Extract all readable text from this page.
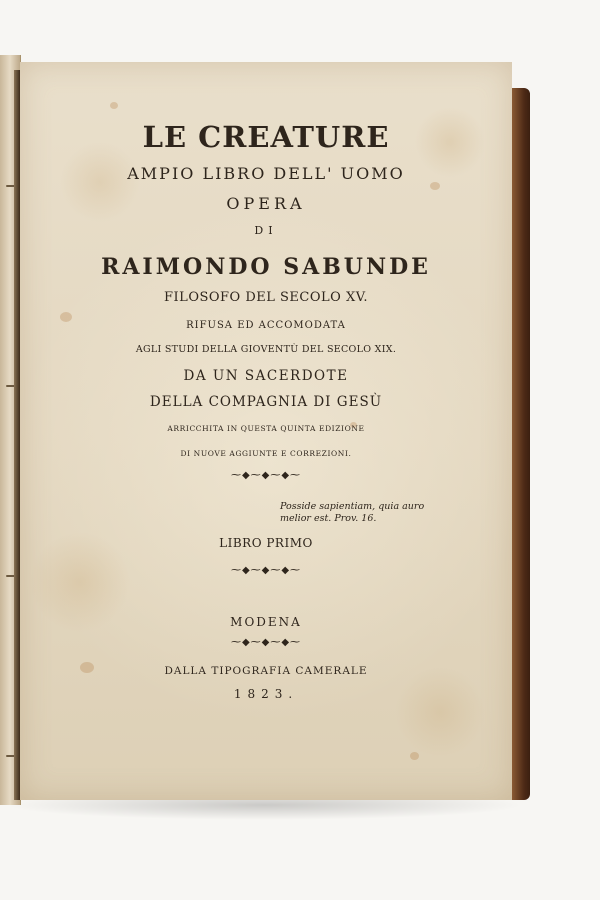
LE CREATURE
AMPIO LIBRO DELL' UOMO
OPERA
DI
RAIMONDO SABUNDE
FILOSOFO DEL SECOLO XV.
RIFUSA ED ACCOMODATA
AGLI STUDI DELLA GIOVENTÙ DEL SECOLO XIX.
DA UN SACERDOTE
DELLA COMPAGNIA DI GESÙ
ARRICCHITA IN QUESTA QUINTA EDIZIONE
DI NUOVE AGGIUNTE E CORREZIONI.
⁓◆⁓◆⁓◆⁓
Posside sapientiam, quia auro melior est. Prov. 16.
LIBRO PRIMO
⁓◆⁓◆⁓◆⁓
MODENA
⁓◆⁓◆⁓◆⁓
DALLA TIPOGRAFIA CAMERALE
1823.
